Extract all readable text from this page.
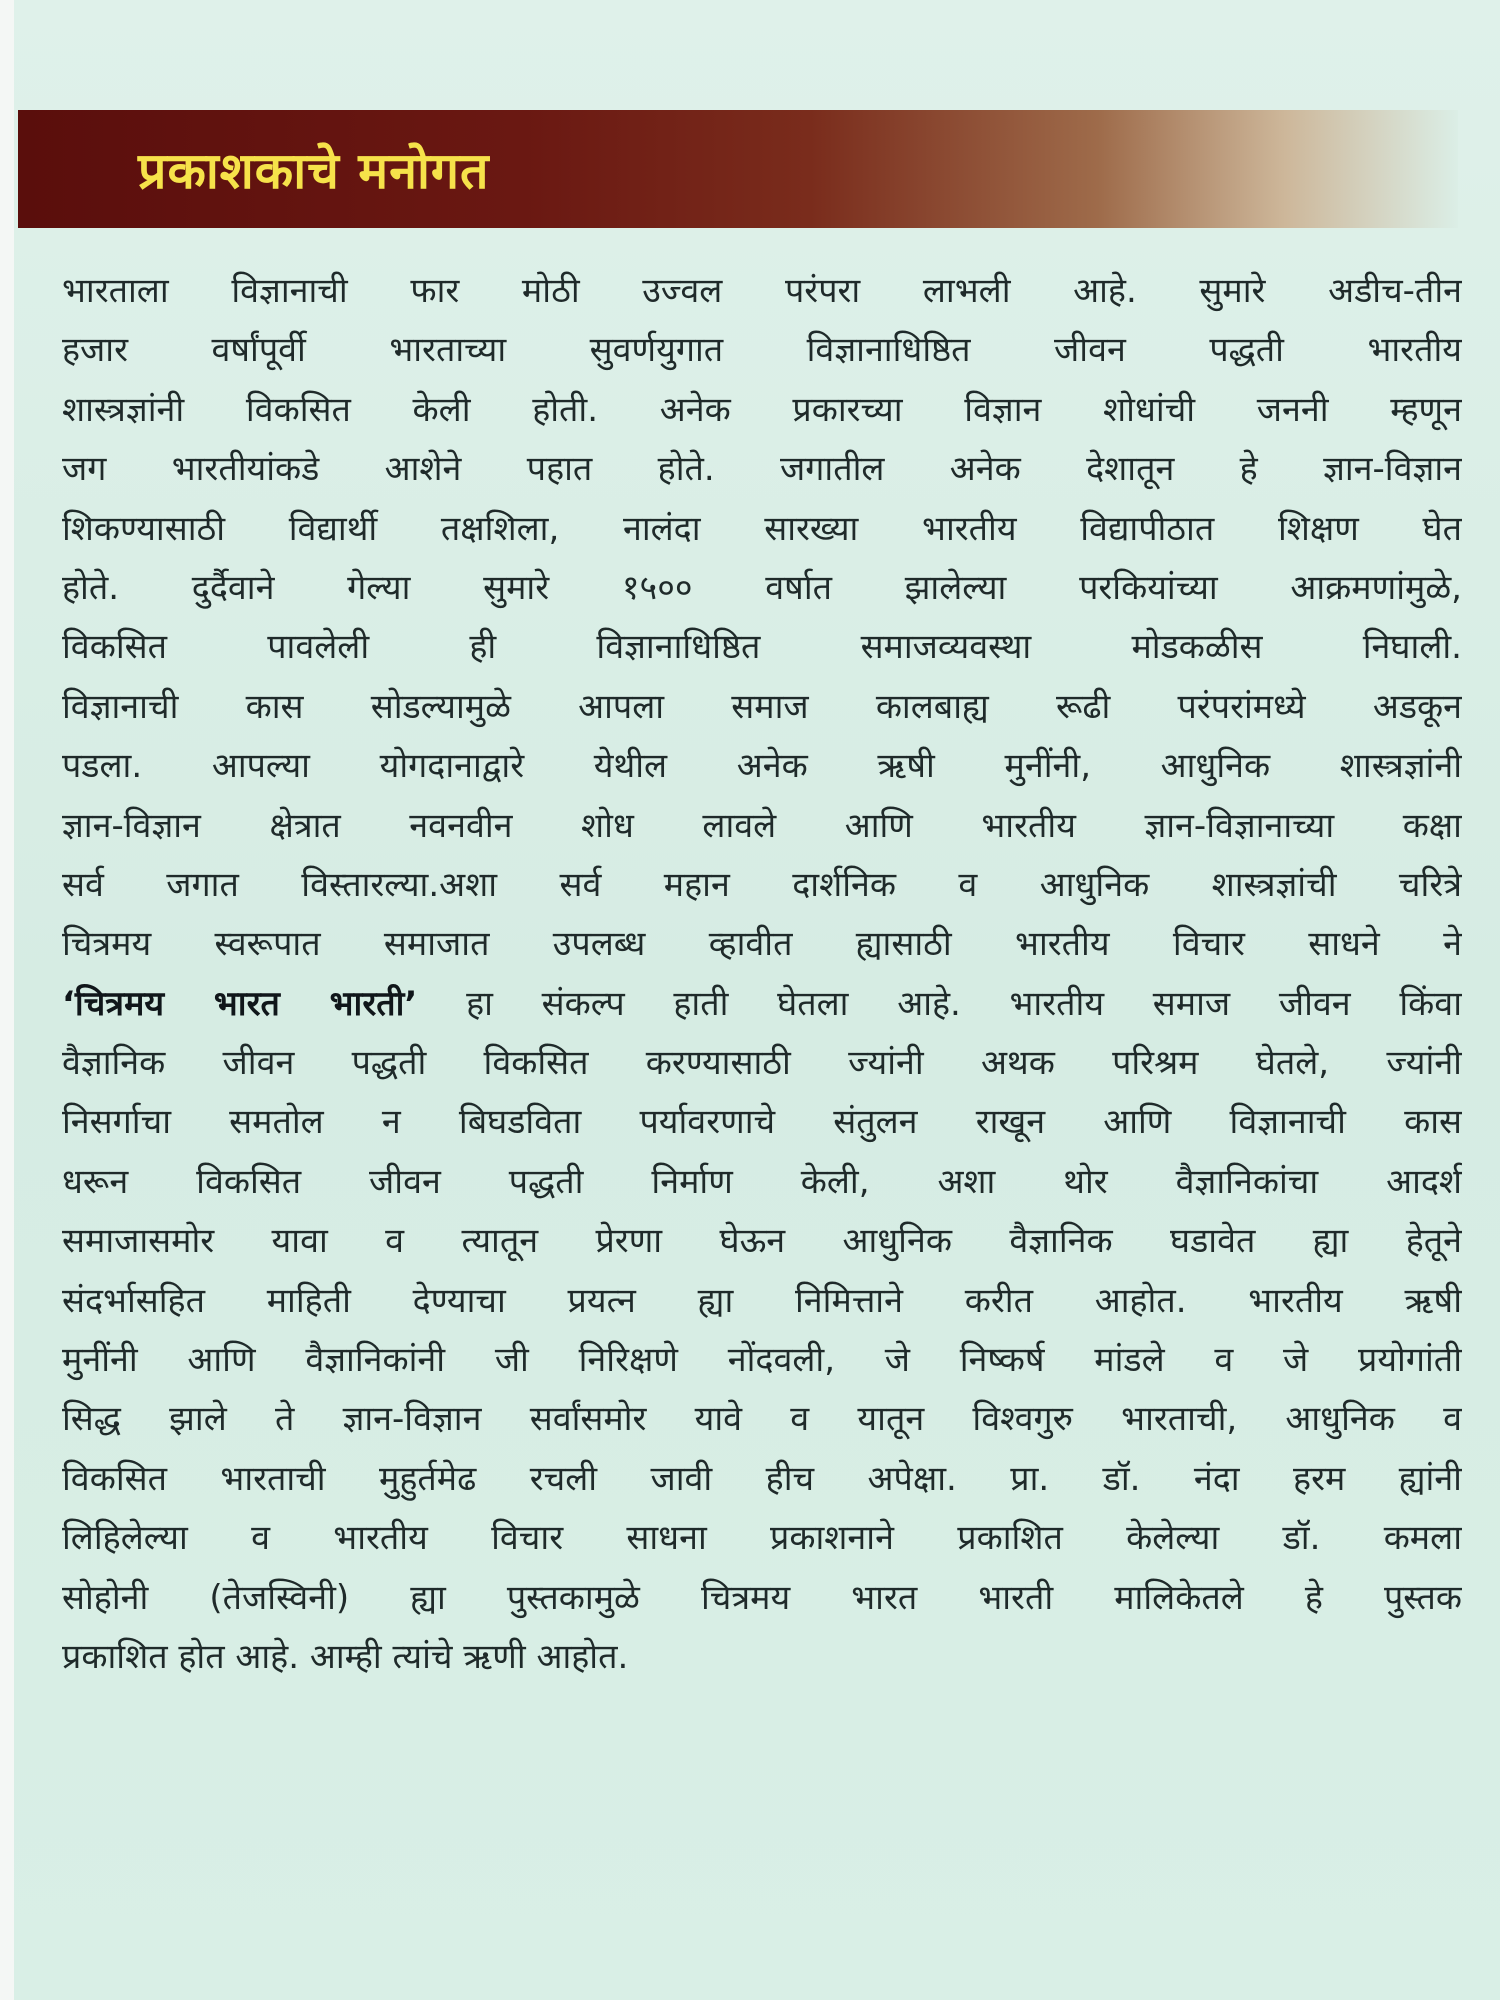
प्रकाशकाचे मनोगत
भारताला विज्ञानाची फार मोठी उज्वल परंपरा लाभली आहे. सुमारे अडीच-तीन
हजार वर्षांपूर्वी भारताच्या सुवर्णयुगात विज्ञानाधिष्ठित जीवन पद्धती भारतीय
शास्त्रज्ञांनी विकसित केली होती. अनेक प्रकारच्या विज्ञान शोधांची जननी म्हणून
जग भारतीयांकडे आशेने पहात होते. जगातील अनेक देशातून हे ज्ञान-विज्ञान
शिकण्यासाठी विद्यार्थी तक्षशिला, नालंदा सारख्या भारतीय विद्यापीठात शिक्षण घेत
होते. दुर्दैवाने गेल्या सुमारे १५०० वर्षात झालेल्या परकियांच्या आक्रमणांमुळे,
विकसित पावलेली ही विज्ञानाधिष्ठित समाजव्यवस्था मोडकळीस निघाली.
विज्ञानाची कास सोडल्यामुळे आपला समाज कालबाह्य रूढी परंपरांमध्ये अडकून
पडला. आपल्या योगदानाद्वारे येथील अनेक ऋषी मुनींनी, आधुनिक शास्त्रज्ञांनी
ज्ञान-विज्ञान क्षेत्रात नवनवीन शोध लावले आणि भारतीय ज्ञान-विज्ञानाच्या कक्षा
सर्व जगात विस्तारल्या.अशा सर्व महान दार्शनिक व आधुनिक शास्त्रज्ञांची चरित्रे
चित्रमय स्वरूपात समाजात उपलब्ध व्हावीत ह्यासाठी भारतीय विचार साधने ने
‘चित्रमय भारत भारती’ हा संकल्प हाती घेतला आहे. भारतीय समाज जीवन किंवा
वैज्ञानिक जीवन पद्धती विकसित करण्यासाठी ज्यांनी अथक परिश्रम घेतले, ज्यांनी
निसर्गाचा समतोल न बिघडविता पर्यावरणाचे संतुलन राखून आणि विज्ञानाची कास
धरून विकसित जीवन पद्धती निर्माण केली, अशा थोर वैज्ञानिकांचा आदर्श
समाजासमोर यावा व त्यातून प्रेरणा घेऊन आधुनिक वैज्ञानिक घडावेत ह्या हेतूने
संदर्भासहित माहिती देण्याचा प्रयत्न ह्या निमित्ताने करीत आहोत. भारतीय ऋषी
मुनींनी आणि वैज्ञानिकांनी जी निरिक्षणे नोंदवली, जे निष्कर्ष मांडले व जे प्रयोगांती
सिद्ध झाले ते ज्ञान-विज्ञान सर्वांसमोर यावे व यातून विश्वगुरु भारताची, आधुनिक व
विकसित भारताची मुहुर्तमेढ रचली जावी हीच अपेक्षा. प्रा. डॉ. नंदा हरम ह्यांनी
लिहिलेल्या व भारतीय विचार साधना प्रकाशनाने प्रकाशित केलेल्या डॉ. कमला
सोहोनी (तेजस्विनी) ह्या पुस्तकामुळे चित्रमय भारत भारती मालिकेतले हे पुस्तक
प्रकाशित होत आहे. आम्ही त्यांचे ऋणी आहोत.
